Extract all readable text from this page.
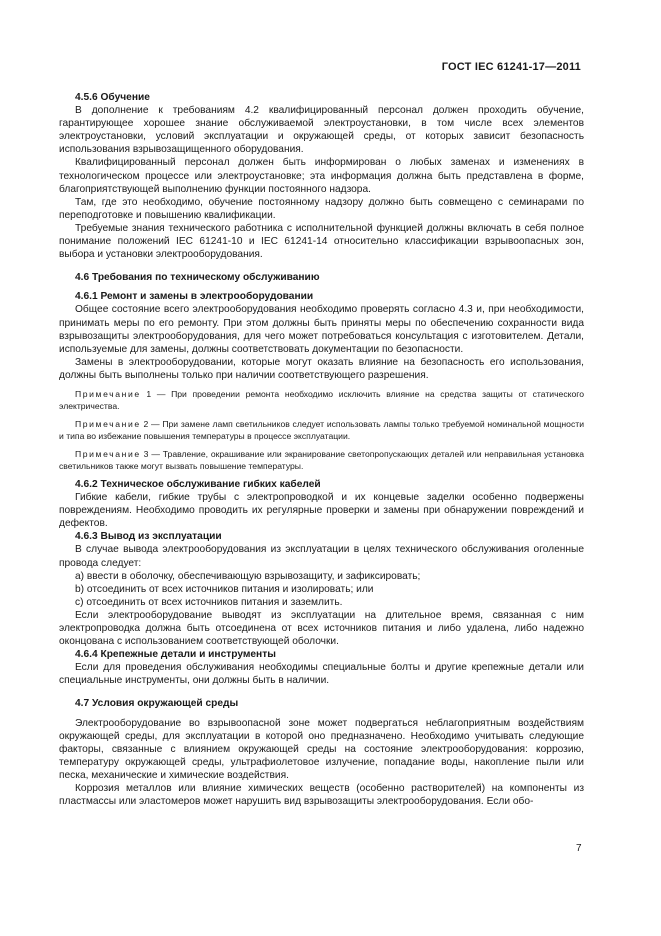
ГОСТ IEC 61241-17—2011
4.5.6 Обучение

В дополнение к требованиям 4.2 квалифицированный персонал должен проходить обучение, гарантирующее хорошее знание обслуживаемой электроустановки, в том числе всех элементов электроустановки, условий эксплуатации и окружающей среды, от которых зависит безопасность использования взрывозащищенного оборудования.

Квалифицированный персонал должен быть информирован о любых заменах и изменениях в технологическом процессе или электроустановке; эта информация должна быть представлена в форме, благоприятствующей выполнению функции постоянного надзора.

Там, где это необходимо, обучение постоянному надзору должно быть совмещено с семинарами по переподготовке и повышению квалификации.

Требуемые знания технического работника с исполнительной функцией должны включать в себя полное понимание положений IEC 61241-10 и IEC 61241-14 относительно классификации взрывоопасных зон, выбора и установки электрооборудования.

4.6 Требования по техническому обслуживанию
4.6.1 Ремонт и замены в электрооборудовании

Общее состояние всего электрооборудования необходимо проверять согласно 4.3 и, при необходимости, принимать меры по его ремонту. При этом должны быть приняты меры по обеспечению сохранности вида взрывозащиты электрооборудования, для чего может потребоваться консультация с изготовителем. Детали, используемые для замены, должны соответствовать документации по безопасности.

Замены в электрооборудовании, которые могут оказать влияние на безопасность его использования, должны быть выполнены только при наличии соответствующего разрешения.

Примечание 1 — При проведении ремонта необходимо исключить влияние на средства защиты от статического электричества.

Примечание 2 — При замене ламп светильников следует использовать лампы только требуемой номинальной мощности и типа во избежание повышения температуры в процессе эксплуатации.

Примечание 3 — Травление, окрашивание или экранирование светопропускающих деталей или неправильная установка светильников также могут вызвать повышение температуры.

4.6.2 Техническое обслуживание гибких кабелей

Гибкие кабели, гибкие трубы с электропроводкой и их концевые заделки особенно подвержены повреждениям. Необходимо проводить их регулярные проверки и замены при обнаружении повреждений и дефектов.

4.6.3 Вывод из эксплуатации

В случае вывода электрооборудования из эксплуатации в целях технического обслуживания оголенные провода следует:

a) ввести в оболочку, обеспечивающую взрывозащиту, и зафиксировать;

b) отсоединить от всех источников питания и изолировать; или

c) отсоединить от всех источников питания и заземлить.

Если электрооборудование выводят из эксплуатации на длительное время, связанная с ним электропроводка должна быть отсоединена от всех источников питания и либо удалена, либо надежно оконцована с использованием соответствующей оболочки.

4.6.4 Крепежные детали и инструменты

Если для проведения обслуживания необходимы специальные болты и другие крепежные детали или специальные инструменты, они должны быть в наличии.

4.7 Условия окружающей среды

Электрооборудование во взрывоопасной зоне может подвергаться неблагоприятным воздействиям окружающей среды, для эксплуатации в которой оно предназначено. Необходимо учитывать следующие факторы, связанные с влиянием окружающей среды на состояние электрооборудования: коррозию, температуру окружающей среды, ультрафиолетовое излучение, попадание воды, накопление пыли или песка, механические и химические воздействия.

Коррозия металлов или влияние химических веществ (особенно растворителей) на компоненты из пластмассы или эластомеров может нарушить вид взрывозащиты электрооборудования. Если обо-

7
